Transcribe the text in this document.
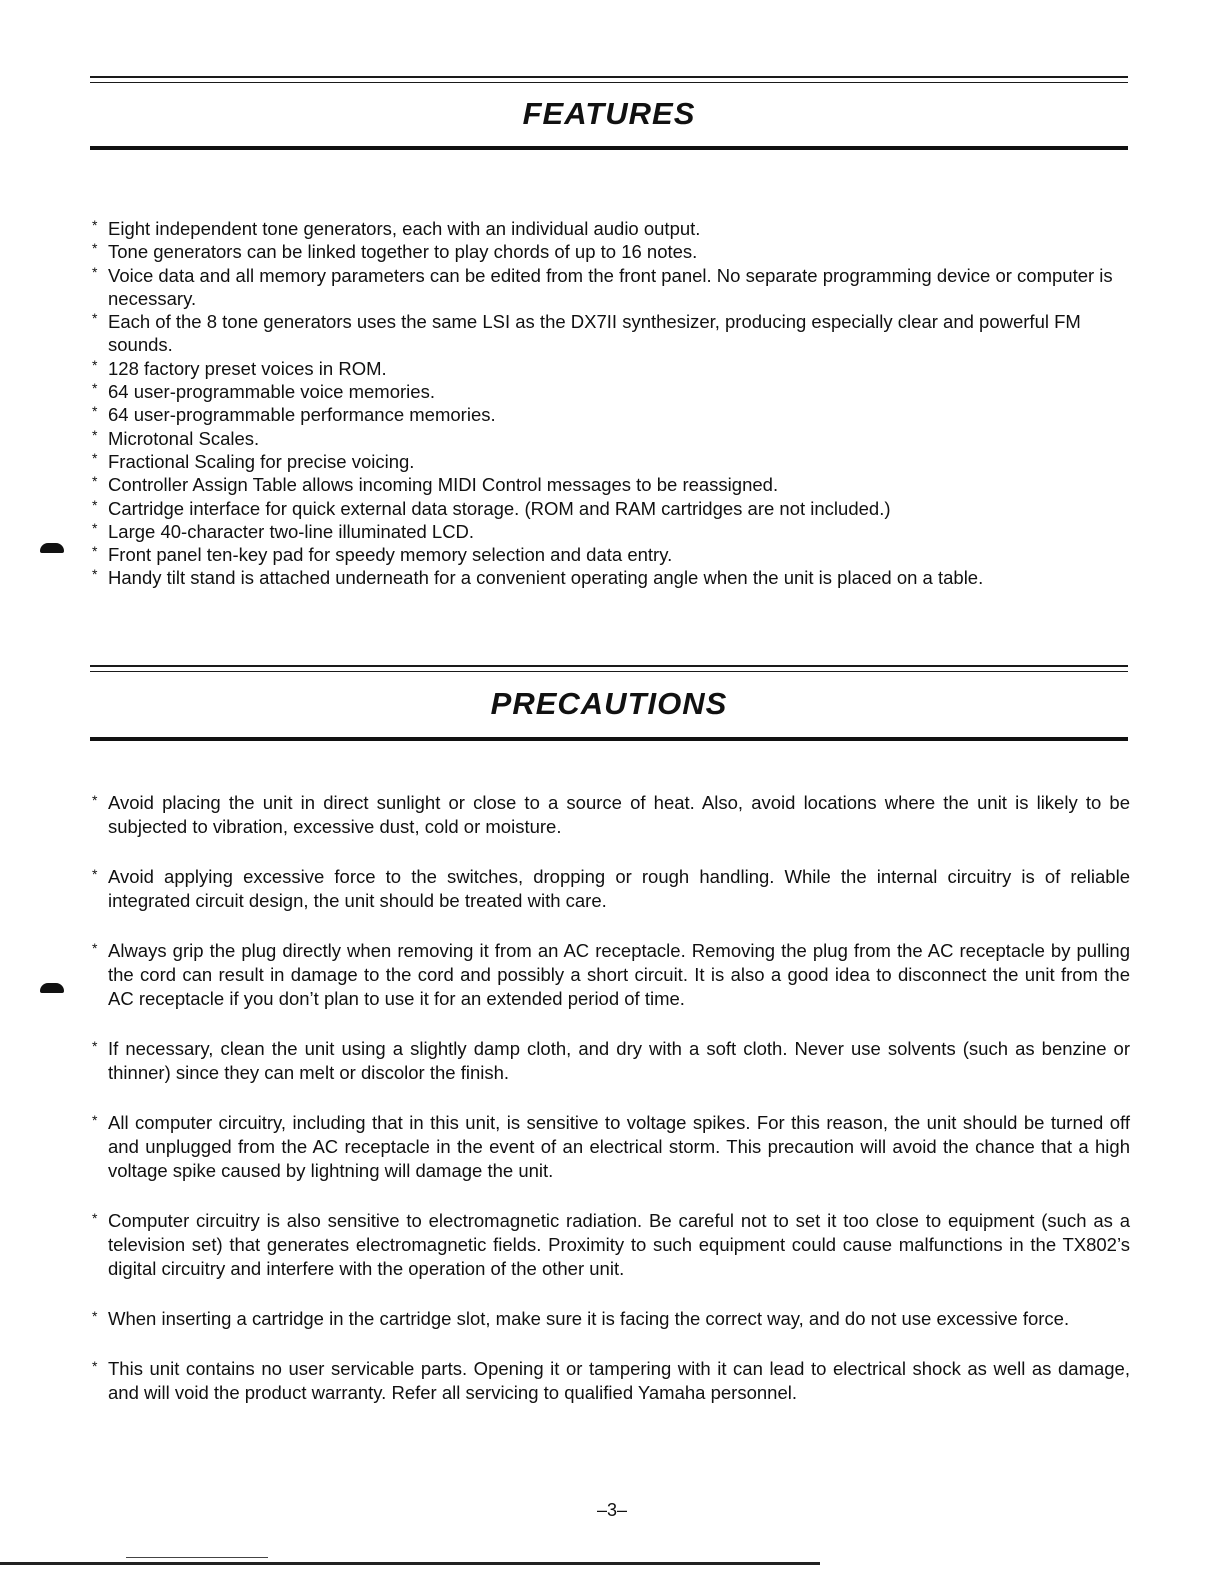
FEATURES
* Eight independent tone generators, each with an individual audio output.
* Tone generators can be linked together to play chords of up to 16 notes.
* Voice data and all memory parameters can be edited from the front panel. No separate programming device or computer is necessary.
* Each of the 8 tone generators uses the same LSI as the DX7II synthesizer, producing especially clear and powerful FM sounds.
* 128 factory preset voices in ROM.
* 64 user-programmable voice memories.
* 64 user-programmable performance memories.
* Microtonal Scales.
* Fractional Scaling for precise voicing.
* Controller Assign Table allows incoming MIDI Control messages to be reassigned.
* Cartridge interface for quick external data storage. (ROM and RAM cartridges are not included.)
* Large 40-character two-line illuminated LCD.
* Front panel ten-key pad for speedy memory selection and data entry.
* Handy tilt stand is attached underneath for a convenient operating angle when the unit is placed on a table.
PRECAUTIONS
* Avoid placing the unit in direct sunlight or close to a source of heat. Also, avoid locations where the unit is likely to be subjected to vibration, excessive dust, cold or moisture.
* Avoid applying excessive force to the switches, dropping or rough handling. While the internal circuitry is of reliable integrated circuit design, the unit should be treated with care.
* Always grip the plug directly when removing it from an AC receptacle. Removing the plug from the AC receptacle by pulling the cord can result in damage to the cord and possibly a short circuit. It is also a good idea to disconnect the unit from the AC receptacle if you don’t plan to use it for an extended period of time.
* If necessary, clean the unit using a slightly damp cloth, and dry with a soft cloth. Never use solvents (such as benzine or thinner) since they can melt or discolor the finish.
* All computer circuitry, including that in this unit, is sensitive to voltage spikes. For this reason, the unit should be turned off and unplugged from the AC receptacle in the event of an electrical storm. This precaution will avoid the chance that a high voltage spike caused by lightning will damage the unit.
* Computer circuitry is also sensitive to electromagnetic radiation. Be careful not to set it too close to equipment (such as a television set) that generates electromagnetic fields. Proximity to such equipment could cause malfunctions in the TX802’s digital circuitry and interfere with the operation of the other unit.
* When inserting a cartridge in the cartridge slot, make sure it is facing the correct way, and do not use excessive force.
* This unit contains no user servicable parts. Opening it or tampering with it can lead to electrical shock as well as damage, and will void the product warranty. Refer all servicing to qualified Yamaha personnel.
–3–
